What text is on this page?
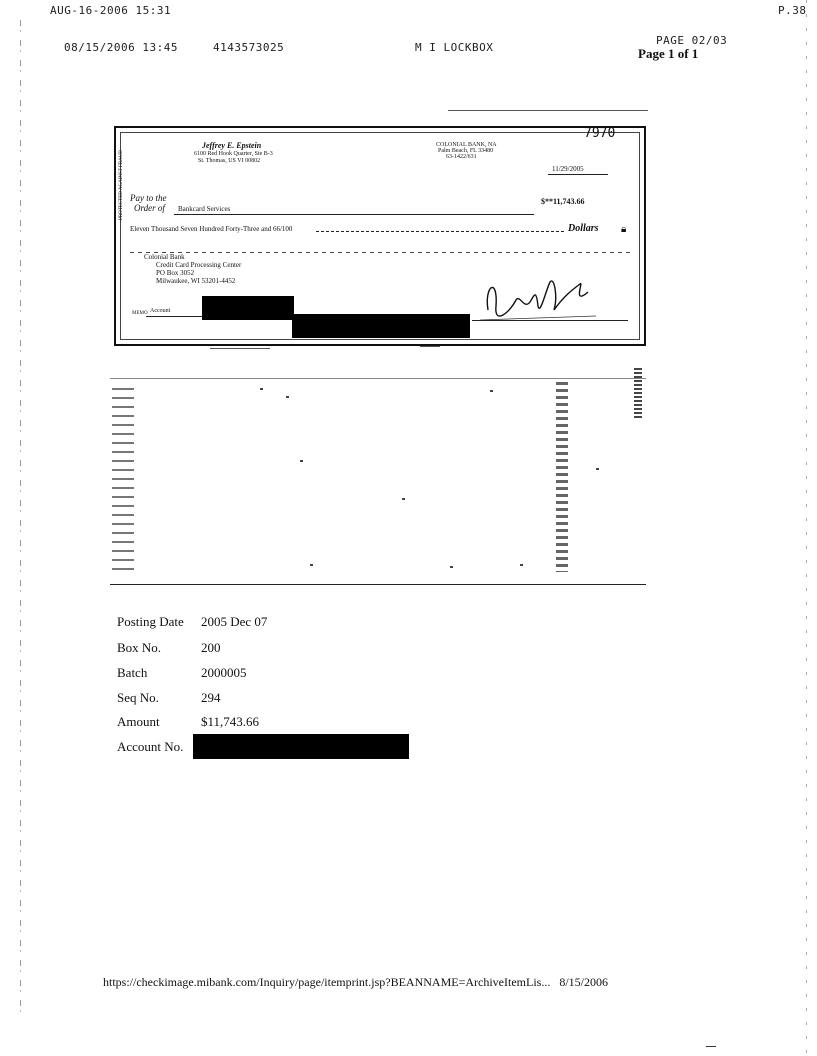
AUG-16-2006 15:31	P.38
08/15/2006 13:45	4143573025	M I LOCKBOX
PAGE 02/03
Page 1 of 1
7970
Jeffrey E. Epstein
6100 Red Hook Quarter, Ste B-3
St. Thomas, US VI 00802
COLONIAL BANK, NA
Palm Beach, FL 33480
63-1422/631
11/29/2005
Pay to the
Order of Bankcard Services
$**11,743.66
Eleven Thousand Seven Hundred Forty-Three and 66/100	Dollars 🔒︎
Colonial Bank
Credit Card Processing Center
PO Box 3052
Milwaukee, WI 53201-4452
PROTECTED AGAINST FRAUD
MEMO Account
Posting Date 2005 Dec 07
Box No.	200
Batch	2000005
Seq No.	294
Amount	$11,743.66
Account No.
https://checkimage.mibank.com/Inquiry/page/itemprint.jsp?BEANNAME=ArchiveItemLis... 8/15/2006
